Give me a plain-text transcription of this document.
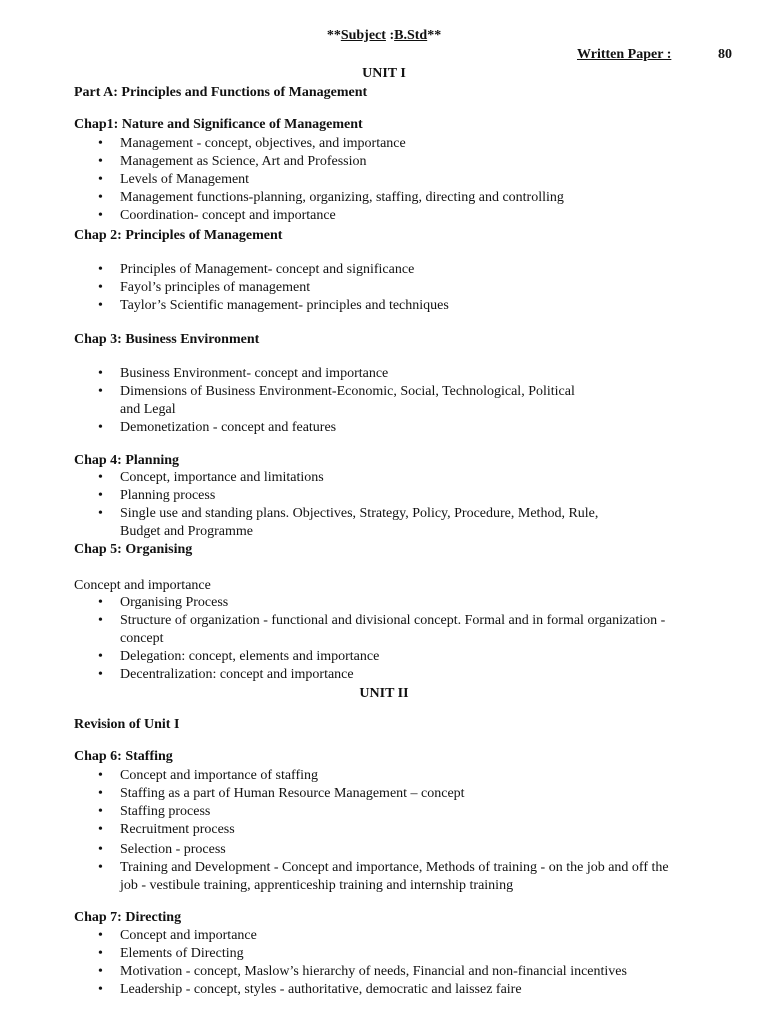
**Subject :B.Std**
Written Paper :	80
UNIT I
Part A: Principles and Functions of Management
Chap1: Nature and Significance of Management
• Management - concept, objectives, and importance
• Management as Science, Art and Profession
• Levels of Management
• Management functions-planning, organizing, staffing, directing and controlling
• Coordination- concept and importance
Chap 2: Principles of Management
• Principles of Management- concept and significance
• Fayol’s principles of management
• Taylor’s Scientific management- principles and techniques
Chap 3: Business Environment
• Business Environment- concept and importance
• Dimensions of Business Environment-Economic, Social, Technological, Political
and Legal
• Demonetization - concept and features
Chap 4: Planning
• Concept, importance and limitations
• Planning process
• Single use and standing plans. Objectives, Strategy, Policy, Procedure, Method, Rule,
Budget and Programme
Chap 5: Organising
Concept and importance
• Organising Process
• Structure of organization - functional and divisional concept. Formal and in formal organization -
concept
• Delegation: concept, elements and importance
• Decentralization: concept and importance
UNIT II
Revision of Unit I
Chap 6: Staffing
• Concept and importance of staffing
• Staffing as a part of Human Resource Management – concept
• Staffing process
• Recruitment process
• Selection - process
• Training and Development - Concept and importance, Methods of training - on the job and off the
job - vestibule training, apprenticeship training and internship training
Chap 7: Directing
• Concept and importance
• Elements of Directing
• Motivation - concept, Maslow’s hierarchy of needs, Financial and non-financial incentives
• Leadership - concept, styles - authoritative, democratic and laissez faire
